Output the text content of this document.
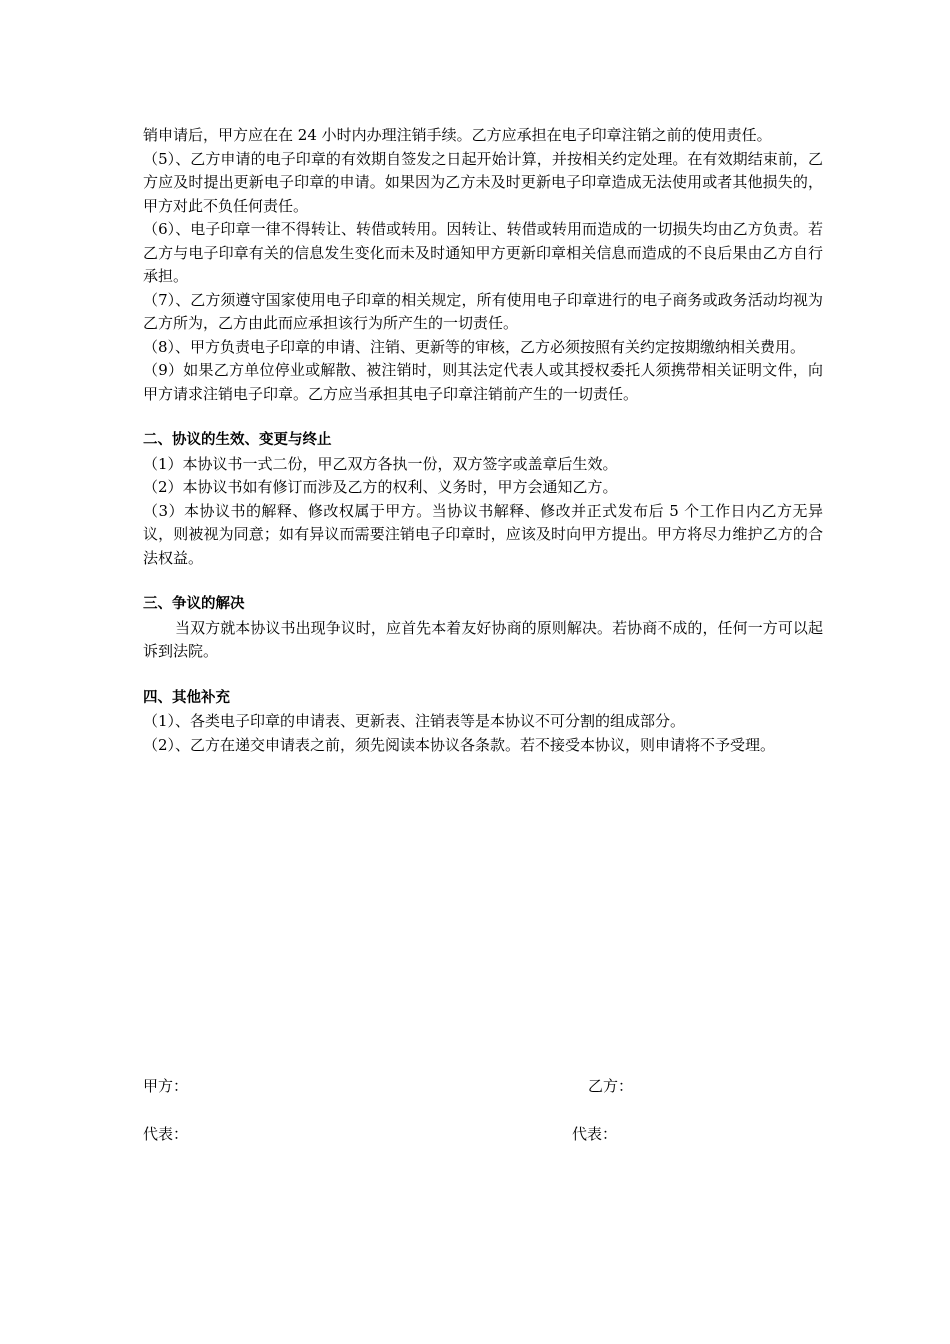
销申请后，甲方应在在 24 小时内办理注销手续。乙方应承担在电子印章注销之前的使用责任。

（5）、乙方申请的电子印章的有效期自签发之日起开始计算，并按相关约定处理。在有效期结束前，乙方应及时提出更新电子印章的申请。如果因为乙方未及时更新电子印章造成无法使用或者其他损失的，甲方对此不负任何责任。

（6）、电子印章一律不得转让、转借或转用。因转让、转借或转用而造成的一切损失均由乙方负责。若乙方与电子印章有关的信息发生变化而未及时通知甲方更新印章相关信息而造成的不良后果由乙方自行承担。

（7）、乙方须遵守国家使用电子印章的相关规定，所有使用电子印章进行的电子商务或政务活动均视为乙方所为，乙方由此而应承担该行为所产生的一切责任。

（8）、甲方负责电子印章的申请、注销、更新等的审核，乙方必须按照有关约定按期缴纳相关费用。

（9）如果乙方单位停业或解散、被注销时，则其法定代表人或其授权委托人须携带相关证明文件，向甲方请求注销电子印章。乙方应当承担其电子印章注销前产生的一切责任。

二、协议的生效、变更与终止

（1）本协议书一式二份，甲乙双方各执一份，双方签字或盖章后生效。

（2）本协议书如有修订而涉及乙方的权利、义务时，甲方会通知乙方。

（3）本协议书的解释、修改权属于甲方。当协议书解释、修改并正式发布后 5 个工作日内乙方无异议，则被视为同意；如有异议而需要注销电子印章时，应该及时向甲方提出。甲方将尽力维护乙方的合法权益。

三、争议的解决

当双方就本协议书出现争议时，应首先本着友好协商的原则解决。若协商不成的，任何一方可以起诉到法院。

四、其他补充

（1）、各类电子印章的申请表、更新表、注销表等是本协议不可分割的组成部分。

（2）、乙方在递交申请表之前，须先阅读本协议各条款。若不接受本协议，则申请将不予受理。

甲方：	乙方：
代表：	代表：
